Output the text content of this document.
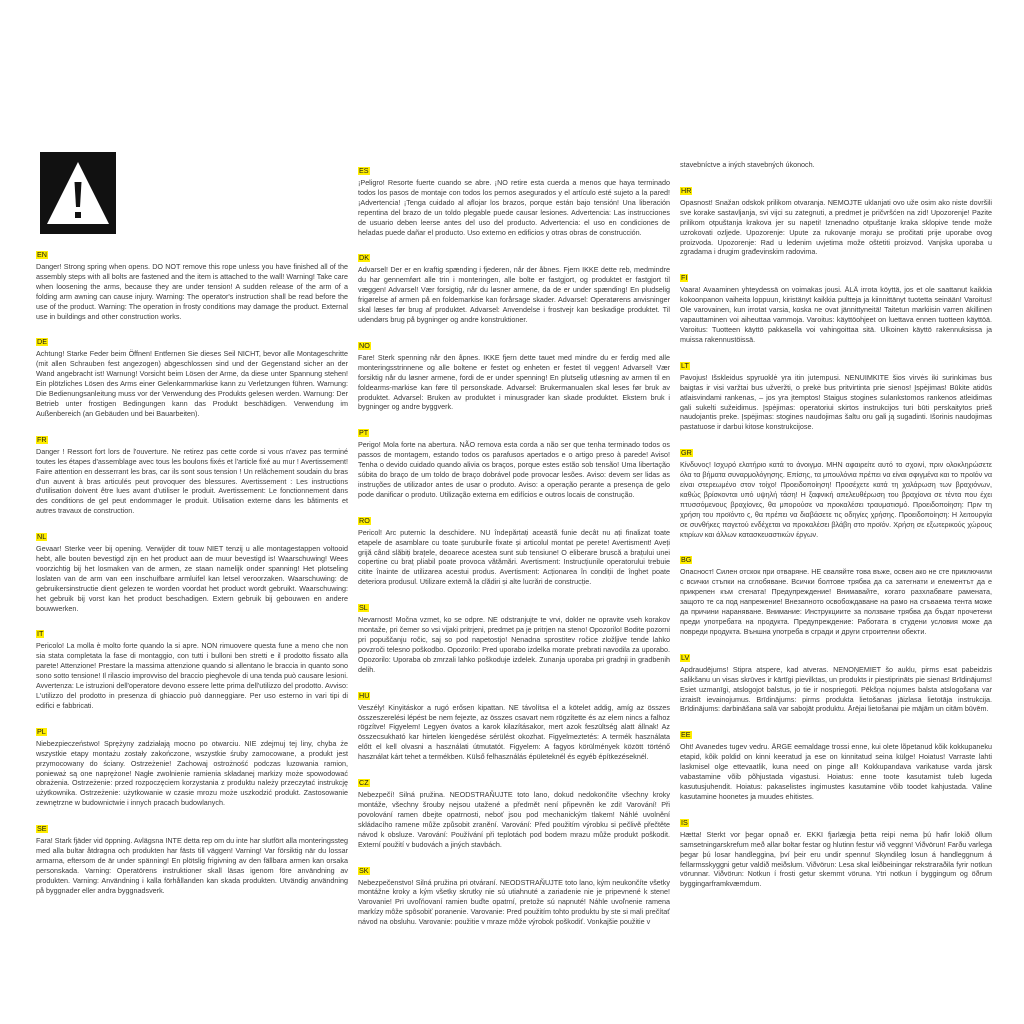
EN

Danger! Strong spring when opens. DO NOT remove this rope unless you have finished all of the assembly steps with all bolts are fastened and the item is attached to the wall! Warning! Take care when loosening the arms, because they are under tension! A sudden release of the arm of a folding arm awning can cause injury. Warning: The operator's instruction shall be read before the use of the product. Warning: The operation in frosty conditions may damage the product. External use in buildings and other construction works.

DE

Achtung! Starke Feder beim Öffnen! Entfernen Sie dieses Seil NICHT, bevor alle Montageschritte (mit allen Schrauben fest angezogen) abgeschlossen sind und der Gegenstand sicher an der Wand angebracht ist! Warnung! Vorsicht beim Lösen der Arme, da diese unter Spannung stehen! Ein plötzliches Lösen des Arms einer Gelenkarmmarkise kann zu Verletzungen führen. Warnung: Die Bedienungsanleitung muss vor der Verwendung des Produkts gelesen werden. Warnung: Der Betrieb unter frostigen Bedingungen kann das Produkt beschädigen. Verwendung im Außenbereich (an Gebäuden und bei Bauarbeiten).

FR

Danger ! Ressort fort lors de l'ouverture. Ne retirez pas cette corde si vous n'avez pas terminé toutes les étapes d'assemblage avec tous les boulons fixés et l'article fixé au mur ! Avertissement! Faire attention en desserrant les bras, car ils sont sous tension ! Un relâchement soudain du bras d'un auvent à bras articulés peut provoquer des blessures. Avertissement : Les instructions d'utilisation doivent être lues avant d'utiliser le produit. Avertissement: Le fonctionnement dans des conditions de gel peut endommager le produit. Utilisation externe dans les bâtiments et autres travaux de construction.

NL

Gevaar! Sterke veer bij opening. Verwijder dit touw NIET tenzij u alle montagestappen voltooid hebt, alle bouten bevestigd zijn en het product aan de muur bevestigd is! Waarschuwing! Wees voorzichtig bij het losmaken van de armen, ze staan namelijk onder spanning! Het plotseling loslaten van de arm van een inschuifbare armluifel kan letsel veroorzaken. Waarschuwing: de gebruikersinstructie dient gelezen te worden voordat het product wordt gebruikt. Waarschuwing: het gebruik bij vorst kan het product beschadigen. Extern gebruik bij gebouwen en andere bouwwerken.

IT

Pericolo! La molla è molto forte quando la si apre. NON rimuovere questa fune a meno che non sia stata completata la fase di montaggio, con tutti i bulloni ben stretti e il prodotto fissato alla parete! Attenzione! Prestare la massima attenzione quando si allentano le braccia in quanto sono sono sotto tensione! Il rilascio improvviso del braccio pieghevole di una tenda può causare lesioni. Avvertenza: Le istruzioni dell'operatore devono essere lette prima dell'utilizzo del prodotto. Avviso: L'utilizzo del prodotto in presenza di ghiaccio può danneggiare. Per uso esterno in vari tipi di edifici e fabbricati.

PL

Niebezpieczeństwo! Sprężyny zadziałają mocno po otwarciu. NIE zdejmuj tej liny, chyba że wszystkie etapy montażu zostały zakończone, wszystkie śruby zamocowane, a produkt jest przymocowany do ściany. Ostrzeżenie! Zachowaj ostrożność podczas luzowania ramion, ponieważ są one naprężone! Nagłe zwolnienie ramienia składanej markizy może spowodować obrażenia. Ostrzeżenie: przed rozpoczęciem korzystania z produktu należy przeczytać instrukcję użytkownika. Ostrzeżenie: użytkowanie w czasie mrozu może uszkodzić produkt. Zastosowanie zewnętrzne w budownictwie i innych pracach budowlanych.

SE

Fara! Stark fjäder vid öppning. Avlägsna INTE detta rep om du inte har slutfört alla monteringssteg med alla bultar åtdragna och produkten har fästs till väggen! Varning! Var försiktig när du lossar armarna, eftersom de är under spänning! En plötslig frigivning av den fällbara armen kan orsaka personskada. Varning: Operatörens instruktioner skall läsas igenom före användning av produkten. Varning: Användning i kalla förhållanden kan skada produkten. Utvändig användning på byggnader eller andra byggnadsverk.

ES

¡Peligro! Resorte fuerte cuando se abre. ¡NO retire esta cuerda a menos que haya terminado todos los pasos de montaje con todos los pernos asegurados y el artículo esté sujeto a la pared! ¡Advertencia! ¡Tenga cuidado al aflojar los brazos, porque están bajo tensión! Una liberación repentina del brazo de un toldo plegable puede causar lesiones. Advertencia: Las instrucciones de usuario deben leerse antes del uso del producto. Advertencia: el uso en condiciones de heladas puede dañar el producto. Uso externo en edificios y otras obras de construcción.

DK

Advarsel! Der er en kraftig spænding i fjederen, når der åbnes. Fjern IKKE dette reb, medmindre du har gennemført alle trin i monteringen, alle bolte er fastgjort, og produktet er fastgjort til væggen! Advarsel! Vær forsigtig, når du løsner armene, da de er under spænding! En pludselig frigørelse af armen på en foldemarkise kan forårsage skader. Advarsel: Operatørens anvisninger skal læses før brug af produktet. Advarsel: Anvendelse i frostvejr kan beskadige produktet. Til udendørs brug på bygninger og andre konstruktioner.

NO

Fare! Sterk spenning når den åpnes. IKKE fjern dette tauet med mindre du er ferdig med alle monteringsstrinnene og alle boltene er festet og enheten er festet til veggen! Advarsel! Vær forsiktig når du løsner armene, fordi de er under spenning! En plutselig utløsning av armen til en foldearms-markise kan føre til personskade. Advarsel: Brukermanualen skal leses før bruk av produktet. Advarsel: Bruken av produktet i minusgrader kan skade produktet. Ekstern bruk i bygninger og andre byggverk.

PT

Perigo! Mola forte na abertura. NÃO remova esta corda a não ser que tenha terminado todos os passos de montagem, estando todos os parafusos apertados e o artigo preso à parede! Aviso! Tenha o devido cuidado quando alivia os braços, porque estes estão sob tensão! Uma libertação súbita do braço de um toldo de braço dobrável pode provocar lesões. Aviso: devem ser lidas as instruções de utilizador antes de usar o produto. Aviso: a operação perante a presença de gelo pode danificar o produto. Utilização externa em edifícios e outros locais de construção.

RO

Pericol! Arc puternic la deschidere. NU îndepărtați această funie decât nu ați finalizat toate etapele de asamblare cu toate șuruburile fixate și articolul montat pe perete! Avertisment! Aveți grijă când slăbiți brațele, deoarece acestea sunt sub tensiune! O eliberare bruscă a brațului unei copertine cu braț pliabil poate provoca vătămări. Avertisment: Instrucțiunile operatorului trebuie citite înainte de utilizarea acestui produs. Avertisment: Acționarea în condiții de înghet poate deteriora produsul. Utilizare externă la clădiri și alte lucrări de construcție.

SL

Nevarnost! Močna vzmet, ko se odpre. NE odstranjujte te vrvi, dokler ne opravite vseh korakov montaže, pri čemer so vsi vijaki pritrjeni, predmet pa je pritrjen na steno! Opozorilo! Bodite pozorni pri popuščanju ročic, saj so pod napetostjo! Nenadna sprostitev ročice zložljive tende lahko povzroči telesno poškodbo. Opozorilo: Pred uporabo izdelka morate prebrati navodila za uporabo. Opozorilo: Uporaba ob zmrzali lahko poškoduje izdelek. Zunanja uporaba pri gradnji in gradbenih delih.

HU

Veszély! Kinyitáskor a rugó erősen kipattan. NE távolítsa el a kötelet addig, amíg az összes összeszerelési lépést be nem fejezte, az összes csavart nem rögzítette és az elem nincs a falhoz rögzítve! Figyelem! Legyen óvatos a karok kilazításakor, mert azok feszültség alatt állnak! Az összecsukható kar hirtelen kiengedése sérülést okozhat. Figyelmeztetés: A termék használata előtt el kell olvasni a használati útmutatót. Figyelem: A fagyos körülmények között történő használat kárt tehet a termékben. Külső felhasználás épületeknél és egyéb építkezéseknél.

CZ

Nebezpečí! Silná pružina. NEODSTRAŇUJTE toto lano, dokud nedokončíte všechny kroky montáže, všechny šrouby nejsou utažené a předmět není připevněn ke zdi! Varování! Při povolování ramen dbejte opatrnosti, neboť jsou pod mechanickým tlakem! Náhlé uvolnění skládacího ramene může způsobit zranění. Varování: Před použitím výrobku si pečlivě přečtěte návod k obsluze. Varování: Používání při teplotách pod bodem mrazu může produkt poškodit. Externí použití v budovách a jiných stavbách.

SK

Nebezpečenstvo! Silná pružina pri otváraní. NEODSTRAŇUJTE toto lano, kým neukončíte všetky montážne kroky a kým všetky skrutky nie sú utiahnuté a zariadenie nie je pripevnené k stene! Varovanie! Pri uvoľňovaní ramien buďte opatrní, pretože sú napnuté! Náhle uvoľnenie ramena markízy môže spôsobiť poranenie. Varovanie: Pred použitím tohto produktu by ste si mali prečítať návod na obsluhu. Varovanie: použitie v mraze môže výrobok poškodiť. Vonkajšie použitie v

stavebníctve a iných stavebných úkonoch.

HR

Opasnost! Snažan odskok prilikom otvaranja. NEMOJTE uklanjati ovo uže osim ako niste dovršili sve korake sastavljanja, svi vijci su zategnuti, a predmet je pričvršćen na zid! Upozorenje! Pazite prilikom otpuštanja krakova jer su napeti! Iznenadno otpuštanje kraka sklopive tende može uzrokovati ozljede. Upozorenje: Upute za rukovanje moraju se pročitati prije uporabe ovog proizvoda. Upozorenje: Rad u ledenim uvjetima može oštetiti proizvod. Vanjska uporaba u zgradama i drugim građevinskim radovima.

FI

Vaara! Avaaminen yhteydessä on voimakas jousi. ÄLÄ irrota köyttä, jos et ole saattanut kaikkia kokoonpanon vaiheita loppuun, kiristänyt kaikkia pultteja ja kiinnittänyt tuotetta seinään! Varoitus! Ole varovainen, kun irrotat varsia, koska ne ovat jännittyneitä! Taitetun markiisin varren äkillinen vapauttaminen voi aiheuttaa vammoja. Varoitus: käyttöohjeet on luettava ennen tuotteen käyttöä. Varoitus: Tuotteen käyttö pakkasella voi vahingoittaa sitä. Ulkoinen käyttö rakennuksissa ja muissa rakennustöissä.

LT

Pavojus! Išskleidus spyruoklė yra itin jutempusi. NENUIMKITE šios virvės iki surinkimas bus baigtas ir visi varžtai bus užveržti, o prekė bus pritvirtinta prie sienos! Įspėjimas! Būkite atidūs atlaisvindami rankenas, – jos yra įtemptos! Staigus stogines sulankstomos rankenos atleidimas gali sukelti sužeidimus. Įspėjimas: operatoriui skirtos instrukcijos turi būti perskaitytos prieš naudojantis preke. Įspėjimas: stogines naudojimas šaltu oru gali ją sugadinti. Išorinis naudojimas pastatuose ir darbui kitose konstrukcijose.

GR

Κίνδυνος! Ισχυρό ελατήριο κατά το άνοιγμα. ΜΗΝ αφαιρείτε αυτό το σχοινί, πριν ολοκληρώσετε όλα τα βήματα συναρμολόγησης. Επίσης, τα μπουλόνια πρέπει να είναι σφιγμένα και το προϊόν να είναι στερεωμένο στον τοίχο! Προειδοποίηση! Προσέχετε κατά τη χαλάρωση των βραχιόνων, καθώς βρίσκονται υπό υψηλή τάση! Η ξαφνική απελευθέρωση του βραχίονα σε τέντα που έχει πτυσσόμενους βραχίονες, θα μπορούσε να προκαλέσει τραυματισμό. Προειδοποίηση: Πριν τη χρήση του προϊόντο ς, θα πρέπει να διαβάσετε τις οδηγίες χρήσης. Προειδοποίηση: Η λειτουργία σε συνθήκες παγετού ενδέχεται να προκαλέσει βλάβη στο προϊόν. Χρήση σε εξωτερικούς χώρους κτιρίων και άλλων κατασκευαστικών έργων.

BG

Опасност! Силен отскок при отваряне. НЕ сваляйте това въже, освен ако не сте приключили с всички стъпки на сглобяване. Всички болтове трябва да са затегнати и елементът да е прикрепен към стената! Предупреждение! Внимавайте, когато разхлабвате рамената, защото те са под напрежение! Внезапното освобождаване на рамо на сгъваема тента може да причини нараняване. Внимание: Инструкциите за ползване трябва да бъдат прочетени преди употребата на продукта. Предупреждение: Работата в студени условия може да повреди продукта. Външна употреба в сгради и други строителни обекти.

LV

Apdraudējums! Stipra atspere, kad atveras. NENOŅEMIET šo auklu, pirms esat pabeidzis salikšanu un visas skrūves ir kārtīgi pievilktas, un produkts ir piestiprināts pie sienas! Brīdinājums! Esiet uzmanīgi, atslogojot balstus, jo tie ir nospriegoti. Pēkšņa nojumes balsta atslogošana var izraisīt ievainojumus. Brīdinājums: pirms produkta lietošanas jāizlasa lietotāja instrukcija. Brīdinājums: darbināšana salā var sabojāt produktu. Ārējai lietošanai pie mājām un citām būvēm.

EE

Oht! Avanedes tugev vedru. ÄRGE eemaldage trossi enne, kui olete lõpetanud kõik kokkupaneku etapid, kõik poldid on kinni keeratud ja ese on kinnitatud seina külge! Hoiatus! Varraste lahti laskmisel olge ettevaatlik, kuna need on pinge all! Kokkupandava varikatuse varda järsk vabastamine võib põhjustada vigastusi. Hoiatus: enne toote kasutamist tuleb lugeda kasutusjuhendit. Hoiatus: pakaselistes ingimustes kasutamine võib toodet kahjustada. Väline kasutamine hoonetes ja muudes ehitistes.

IS

Hætta! Sterkt vor þegar opnað er. EKKI fjarlægja þetta reipi nema þú hafir lokið öllum samsetningarskrefum með allar boltar festar og hlutinn festur við veggnn! Viðvörun! Farðu varlega þegar þú losar handleggina, því þeir eru undir spennu! Skyndileg losun á handleggnum á fellarmsskyggni getur valdið meiðslum. Viðvörun: Lesa skal leiðbeiningar rekstraraðila fyrir notkun vörunnar. Viðvörun: Notkun í frosti getur skemmt vöruna. Ytri notkun í byggingum og öðrum byggingarframkvæmdum.
